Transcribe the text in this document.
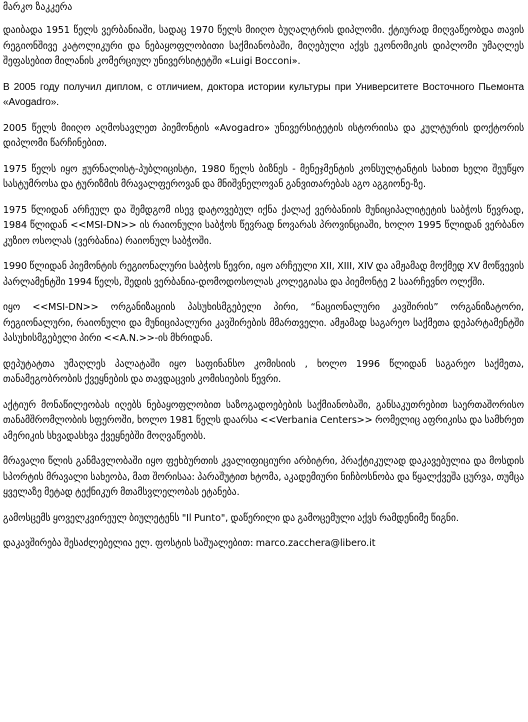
მარკო ზაკკერა

დაიბადა 1951 წელს ვერბანიაში, სადაც 1970 წელს მიიღო ბუღალტრის დიპლომი. ქტიურად მიღვაწეობდა თავის რეგიონშივე კატოლიკური და ნებაყოფლობითი საქმიანობაში, მიღებული აქვს ეკონომიკის დიპლომი უმაღლეს შეფასებით მილანის კომერციულ უნივერსიტეტში «Luigi Bocconi».

В 2005 году получил диплом, с отличием, доктора истории культуры при Университете Восточного Пьемонта «Avogadro».

2005 წელს მიიღო აღმოსავლეთ პიემონტის «Avogadro» უნივერსიტეტის ისტორიისა და კულტურის დოქტორის დიპლომი წარჩინებით.

1975 წელს იყო ჟურნალისტ-პუბლიცისტი, 1980 წელს ბიზნეს - მენეჯმენტის კონსულტანტის სახით ხელი შეუწყო სასტუმროსა და ტურიზმის მრავალფეროვან და მნიშვნელოვან განვითარებას აგო აგგიონე-ზე.

1975 წლიდან არჩეულ და შემდგომ ისევ დატოვებულ იქნა ქალაქ ვერბანიის მუნიციპალიტეტის საბჭოს წევრად, 1984 წლიდან <<MSI-DN>> ის რაიონული საბჭოს წევრად ნოვარას პროვინციაში, ხოლო 1995 წლიდან ვერბანო კუზიო ოსოლას (ვერბანია) რაიონულ საბჭოში.

1990 წლიდან პიემონტის რეგიონალური საბჭოს წევრი, იყო არჩეული XII, XIII, XIV და ამჟამად მოქმედ XV მოწვევის პარლამენტში 1994 წელს, შედის ვერბანია-დომოდოსოლას კოლეგიასა და პიემონტე 2 საარჩევნო ოლქში.

იყო <<MSI-DN>> ორგანიზაციის პასუხისმგებელი პირი, “ნაციონალური კავშირის” ორგანიზატორი, რეგიონალური, რაიონული და მუნიციპალური კავშირების მმართველი. ამჟამად საგარეო საქმეთა დეპარტამენტში პასუხისმგებელი პირი <<A.N.>>-ის მხრიდან.

დეპუტატთა უმაღლეს პალატაში იყო საფინანსო კომისიის , ხოლო 1996 წლიდან საგარეო საქმეთა, თანამეგობრობის ქვეყნების და თავდაცვის კომისიების წევრი.

აქტიურ მონაწილეობას იღებს ნებაყოფლობით საზოგადოებების საქმიანობაში, განსაკუთრებით საერთაშორისო თანამშრომლობის სფეროში, ხოლო 1981 წელს დაარსა <<Verbania Centers>> რომელიც აფრიკისა და სამხრეთ ამერიკის სხვადასხვა ქვეყნებში მოღვაწეობს.

მრავალი წლის განმავლობაში იყო ფეხბურთის კვალიფიციური არბიტრი, პრაქტიკულად დაკავებულია და მოსდის სპორტის მრავალი სახეობა, მათ შორისაა: პარაშუტით ხტომა, აკადემიური ნიჩბოსნობა და წყალქვეშა ცურვა, თუმცა ყველაზე მეტად ტექნიკურ მთამსვლელობას ეტანება.

გამოსცემს ყოველკვირეულ ბიულეტენს "Il Punto", დაწერილი და გამოცემული აქვს რამდენიმე წიგნი.

დაკავშირება შესაძლებელია ელ. ფოსტის საშუალებით: marco.zacchera@libero.it
